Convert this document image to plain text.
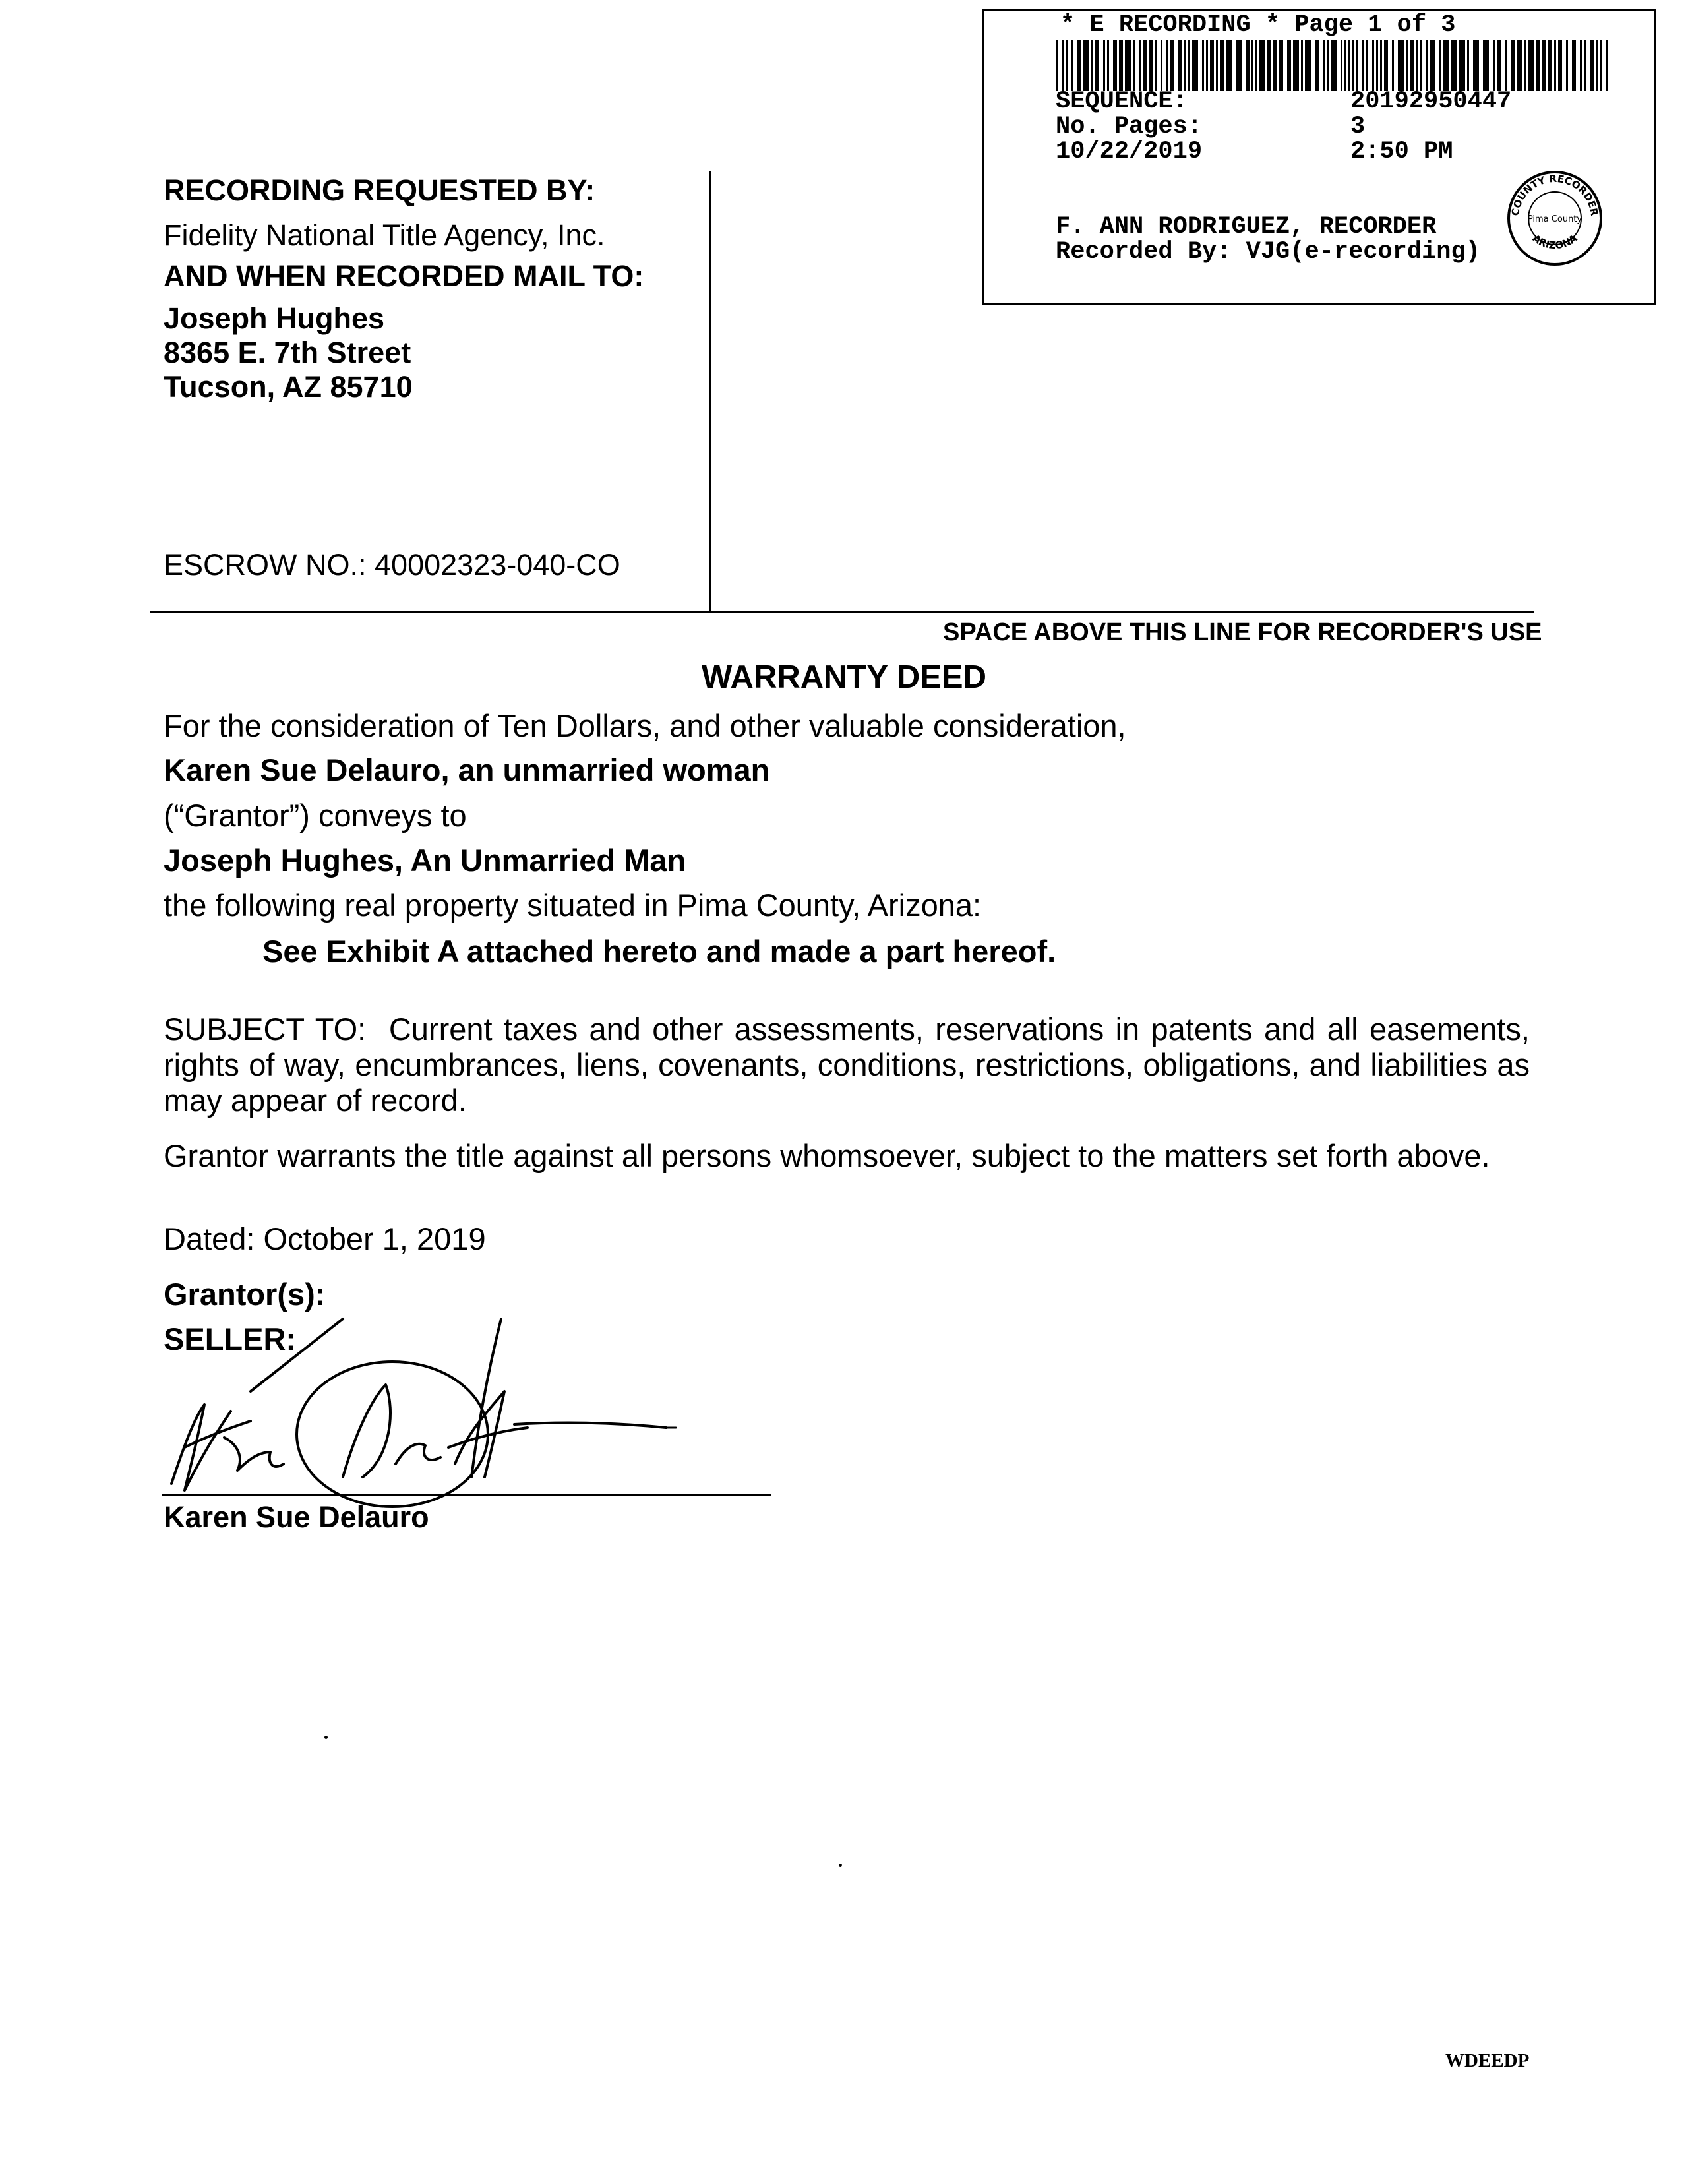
* E RECORDING * Page 1 of 3
SEQUENCE:	20192950447
No. Pages:	3
10/22/2019	2:50 PM
F. ANN RODRIGUEZ, RECORDER
Recorded By: VJG(e-recording)
COUNTY RECORDER
Pima County
ARIZONA
RECORDING REQUESTED BY:
Fidelity National Title Agency, Inc.
AND WHEN RECORDED MAIL TO:
Joseph Hughes
8365 E. 7th Street
Tucson, AZ 85710
ESCROW NO.: 40002323-040-CO
SPACE ABOVE THIS LINE FOR RECORDER'S USE
WARRANTY DEED
For the consideration of Ten Dollars, and other valuable consideration,
Karen Sue Delauro, an unmarried woman
(“Grantor”) conveys to
Joseph Hughes, An Unmarried Man
the following real property situated in Pima County, Arizona:
See Exhibit A attached hereto and made a part hereof.
SUBJECT TO:  Current taxes and other assessments, reservations in patents and all easements, rights of way, encumbrances, liens, covenants, conditions, restrictions, obligations, and liabilities as may appear of record.
Grantor warrants the title against all persons whomsoever, subject to the matters set forth above.
Dated: October 1, 2019
Grantor(s):
SELLER:
Karen Sue Delauro
WDEEDP
